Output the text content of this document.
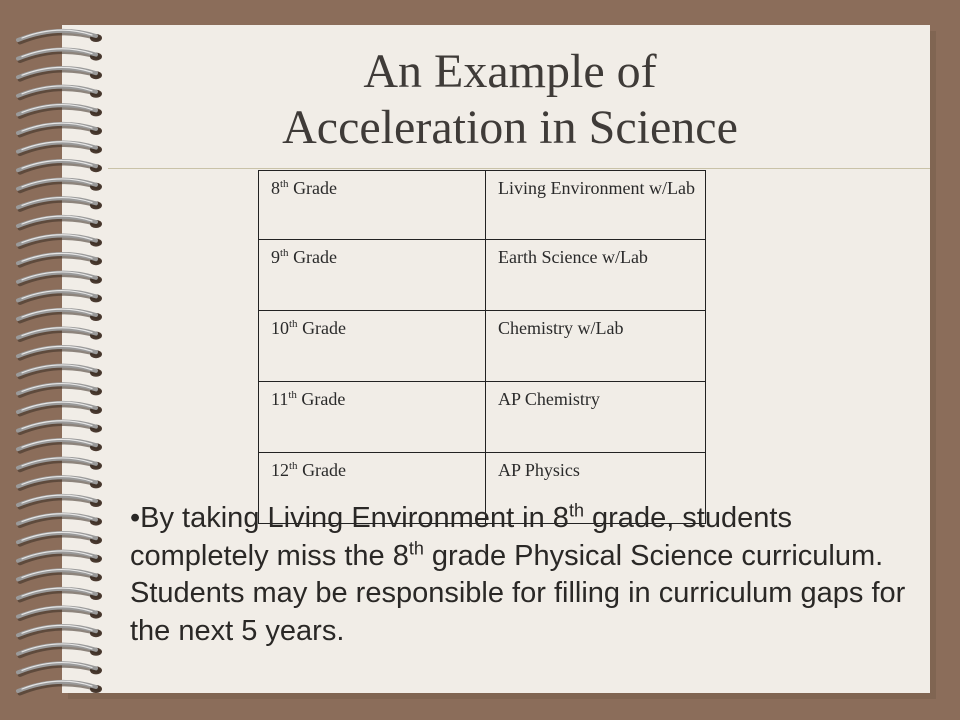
An Example of
Acceleration in Science
8th Grade	Living Environment w/Lab
9th Grade	Earth Science w/Lab
10th Grade	Chemistry w/Lab
11th Grade	AP Chemistry
12th Grade	AP Physics

•By taking Living Environment in 8th grade, students completely miss the 8th grade Physical Science curriculum. Students may be responsible for filling in curriculum gaps for the next 5 years.
